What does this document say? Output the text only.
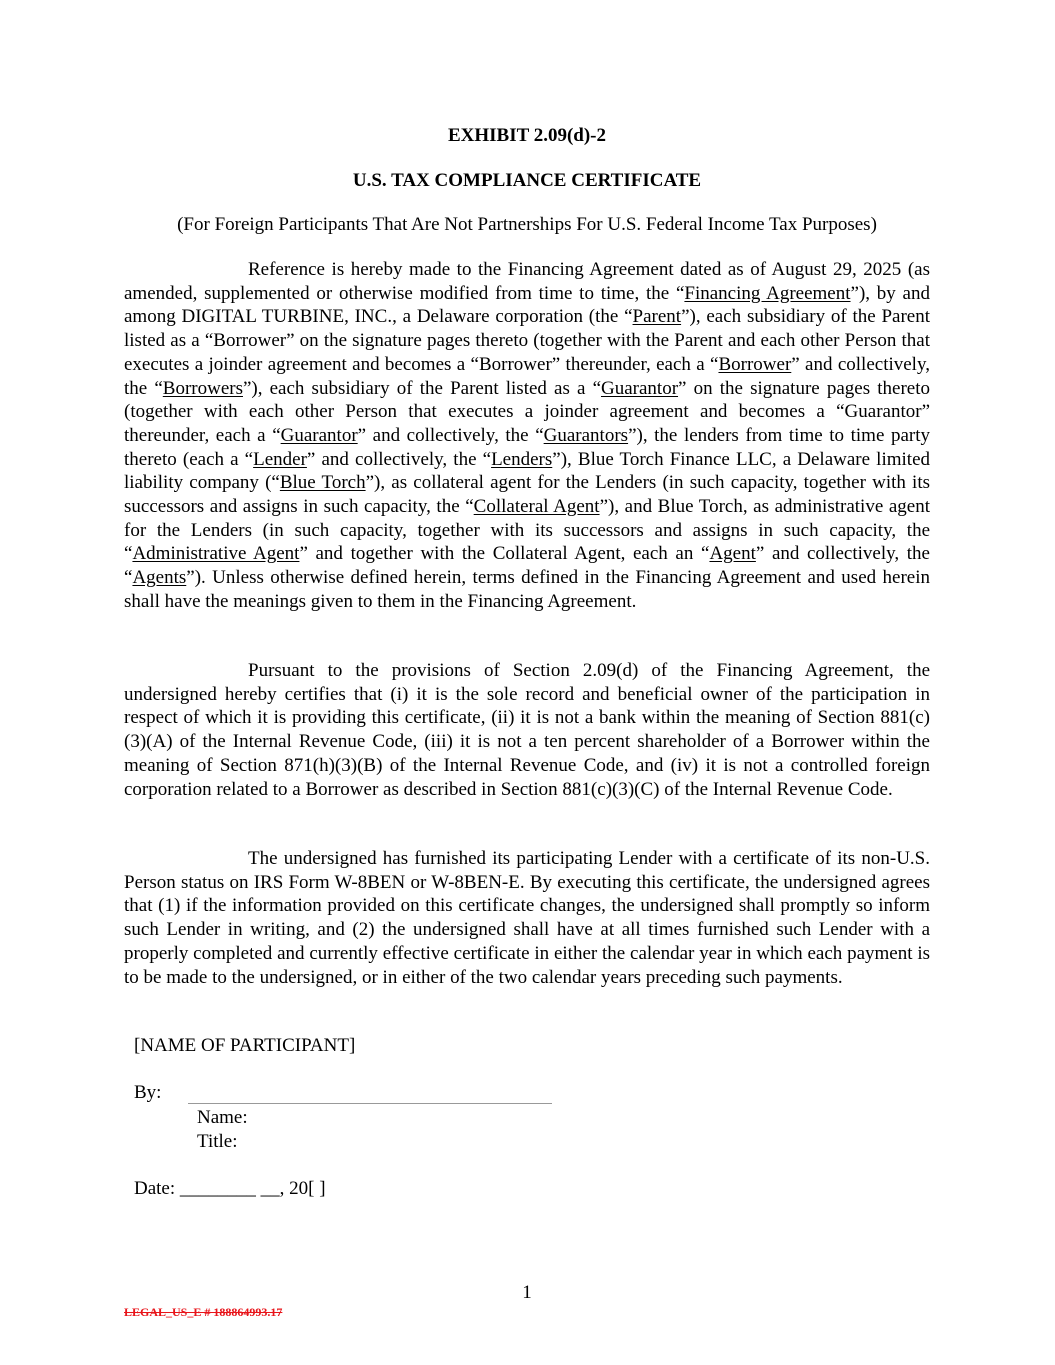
EXHIBIT 2.09(d)-2
U.S. TAX COMPLIANCE CERTIFICATE
(For Foreign Participants That Are Not Partnerships For U.S. Federal Income Tax Purposes)
Reference is hereby made to the Financing Agreement dated as of August 29, 2025 (as amended, supplemented or otherwise modified from time to time, the “Financing Agreement”), by and among DIGITAL TURBINE, INC., a Delaware corporation (the “Parent”), each subsidiary of the Parent listed as a “Borrower” on the signature pages thereto (together with the Parent and each other Person that executes a joinder agreement and becomes a “Borrower” thereunder, each a “Borrower” and collectively, the “Borrowers”), each subsidiary of the Parent listed as a “Guarantor” on the signature pages thereto (together with each other Person that executes a joinder agreement and becomes a “Guarantor” thereunder, each a “Guarantor” and collectively, the “Guarantors”), the lenders from time to time party thereto (each a “Lender” and collectively, the “Lenders”), Blue Torch Finance LLC, a Delaware limited liability company (“Blue Torch”), as collateral agent for the Lenders (in such capacity, together with its successors and assigns in such capacity, the “Collateral Agent”), and Blue Torch, as administrative agent for the Lenders (in such capacity, together with its successors and assigns in such capacity, the “Administrative Agent” and together with the Collateral Agent, each an “Agent” and collectively, the “Agents”). Unless otherwise defined herein, terms defined in the Financing Agreement and used herein shall have the meanings given to them in the Financing Agreement.
Pursuant to the provisions of Section 2.09(d) of the Financing Agreement, the undersigned hereby certifies that (i) it is the sole record and beneficial owner of the participation in respect of which it is providing this certificate, (ii) it is not a bank within the meaning of Section 881(c)(3)(A) of the Internal Revenue Code, (iii) it is not a ten percent shareholder of a Borrower within the meaning of Section 871(h)(3)(B) of the Internal Revenue Code, and (iv) it is not a controlled foreign corporation related to a Borrower as described in Section 881(c)(3)(C) of the Internal Revenue Code.
The undersigned has furnished its participating Lender with a certificate of its non-U.S. Person status on IRS Form W-8BEN or W-8BEN-E. By executing this certificate, the undersigned agrees that (1) if the information provided on this certificate changes, the undersigned shall promptly so inform such Lender in writing, and (2) the undersigned shall have at all times furnished such Lender with a properly completed and currently effective certificate in either the calendar year in which each payment is to be made to the undersigned, or in either of the two calendar years preceding such payments.
[NAME OF PARTICIPANT]
By:
Name:
Title:
Date: ________ __, 20[ ]
1
LEGAL_US_E # 188864993.17
